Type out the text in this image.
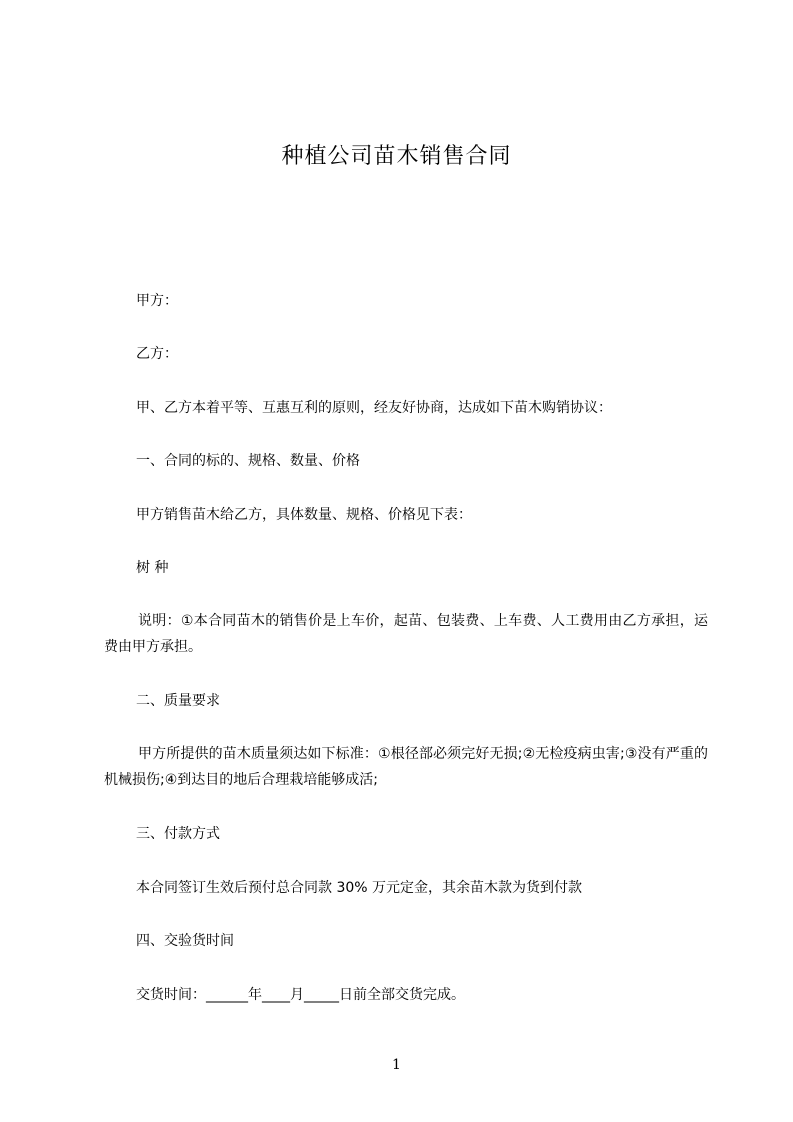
种植公司苗木销售合同
甲方：
乙方：
甲、乙方本着平等、互惠互利的原则，经友好协商，达成如下苗木购销协议：
一、合同的标的、规格、数量、价格
甲方销售苗木给乙方，具体数量、规格、价格见下表：
树 种
说明：①本合同苗木的销售价是上车价，起苗、包装费、上车费、人工费用由乙方承担，运费由甲方承担。
二、质量要求
甲方所提供的苗木质量须达如下标准：①根径部必须完好无损;②无检疫病虫害;③没有严重的机械损伤;④到达目的地后合理栽培能够成活;
三、付款方式
本合同签订生效后预付总合同款 30% 万元定金，其余苗木款为货到付款
四、交验货时间
交货时间：______年____月_____日前全部交货完成。
1
